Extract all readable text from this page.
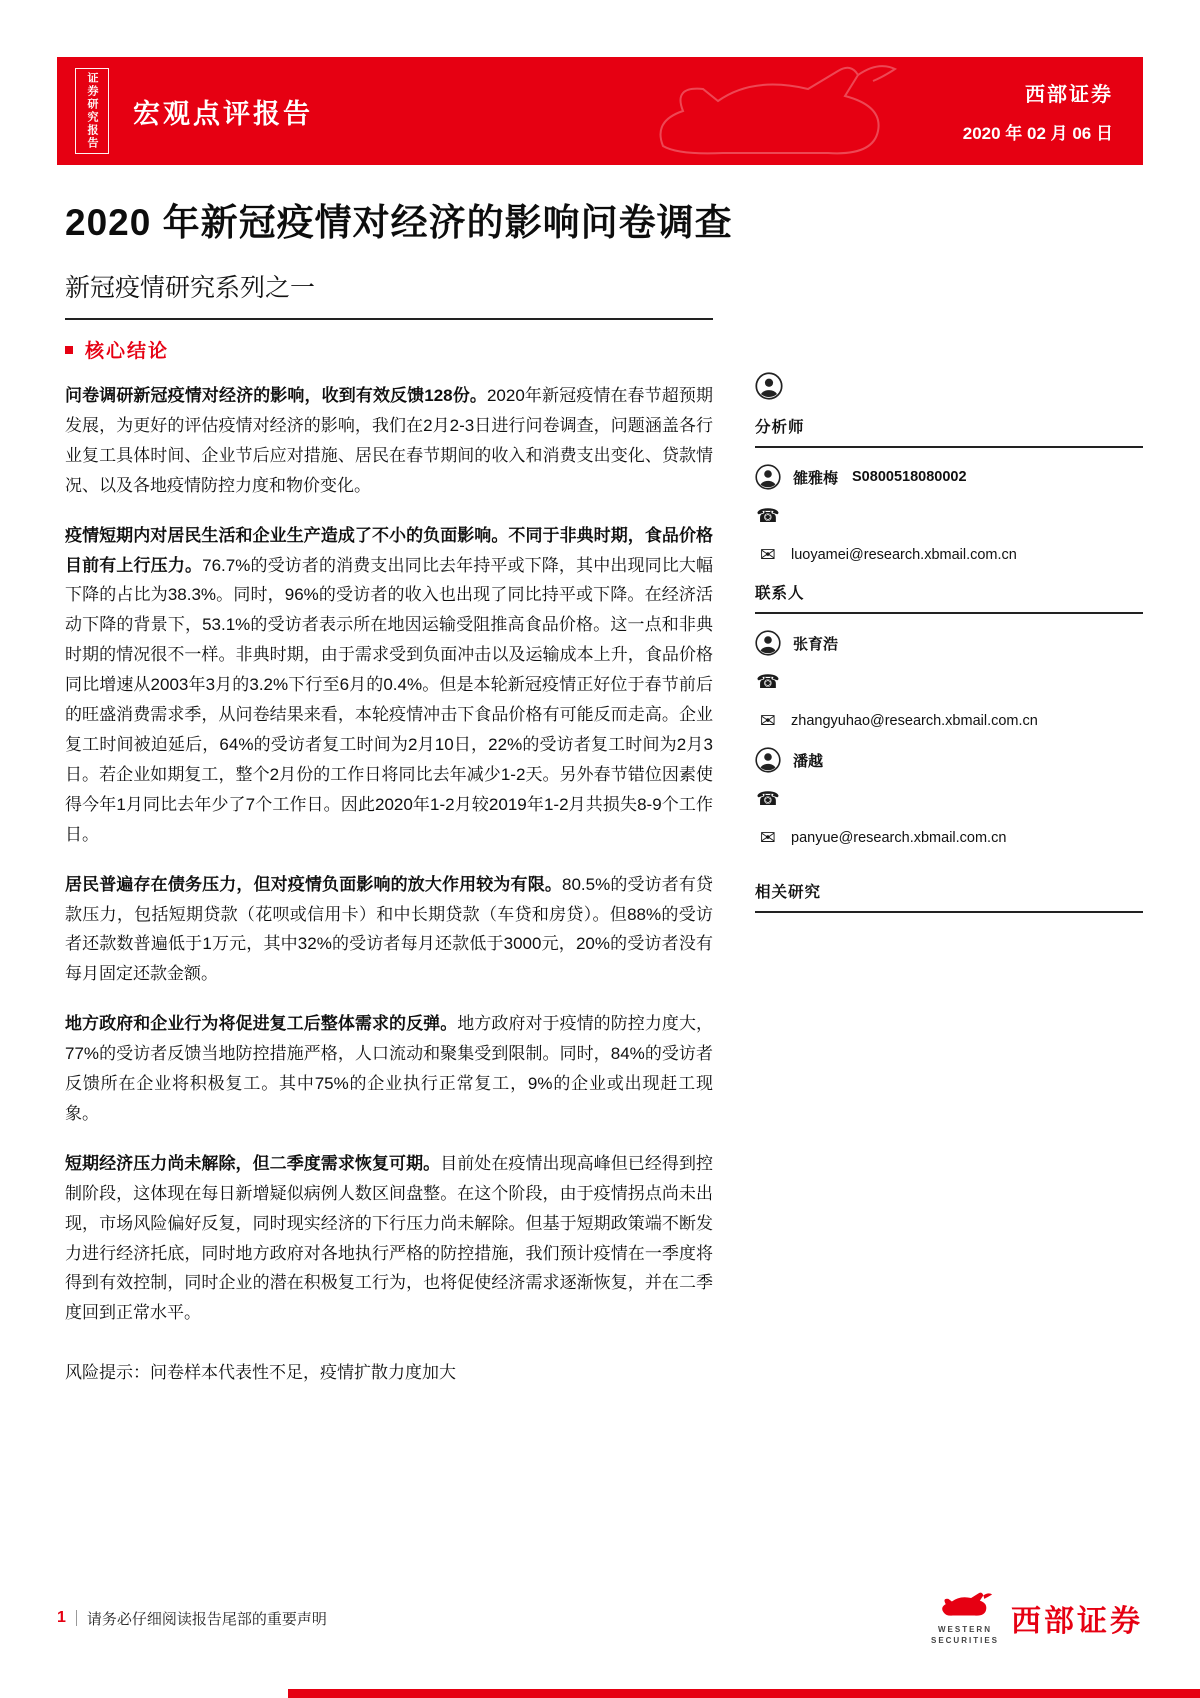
证券研究报告	宏观点评报告
西部证券
2020 年 02 月 06 日
2020 年新冠疫情对经济的影响问卷调查
新冠疫情研究系列之一
核心结论

问卷调研新冠疫情对经济的影响，收到有效反馈128份。2020年新冠疫情在春节超预期发展，为更好的评估疫情对经济的影响，我们在2月2-3日进行问卷调查，问题涵盖各行业复工具体时间、企业节后应对措施、居民在春节期间的收入和消费支出变化、贷款情况、以及各地疫情防控力度和物价变化。

疫情短期内对居民生活和企业生产造成了不小的负面影响。不同于非典时期，食品价格目前有上行压力。76.7%的受访者的消费支出同比去年持平或下降，其中出现同比大幅下降的占比为38.3%。同时，96%的受访者的收入也出现了同比持平或下降。在经济活动下降的背景下，53.1%的受访者表示所在地因运输受阻推高食品价格。这一点和非典时期的情况很不一样。非典时期，由于需求受到负面冲击以及运输成本上升，食品价格同比增速从2003年3月的3.2%下行至6月的0.4%。但是本轮新冠疫情正好位于春节前后的旺盛消费需求季，从问卷结果来看，本轮疫情冲击下食品价格有可能反而走高。企业复工时间被迫延后，64%的受访者复工时间为2月10日，22%的受访者复工时间为2月3日。若企业如期复工，整个2月份的工作日将同比去年减少1-2天。另外春节错位因素使得今年1月同比去年少了7个工作日。因此2020年1-2月较2019年1-2月共损失8-9个工作日。

居民普遍存在债务压力，但对疫情负面影响的放大作用较为有限。80.5%的受访者有贷款压力，包括短期贷款（花呗或信用卡）和中长期贷款（车贷和房贷）。但88%的受访者还款数普遍低于1万元，其中32%的受访者每月还款低于3000元，20%的受访者没有每月固定还款金额。

地方政府和企业行为将促进复工后整体需求的反弹。地方政府对于疫情的防控力度大，77%的受访者反馈当地防控措施严格，人口流动和聚集受到限制。同时，84%的受访者反馈所在企业将积极复工。其中75%的企业执行正常复工，9%的企业或出现赶工现象。

短期经济压力尚未解除，但二季度需求恢复可期。目前处在疫情出现高峰但已经得到控制阶段，这体现在每日新增疑似病例人数区间盘整。在这个阶段，由于疫情拐点尚未出现，市场风险偏好反复，同时现实经济的下行压力尚未解除。但基于短期政策端不断发力进行经济托底，同时地方政府对各地执行严格的防控措施，我们预计疫情在一季度将得到有效控制，同时企业的潜在积极复工行为，也将促使经济需求逐渐恢复，并在二季度回到正常水平。

风险提示：问卷样本代表性不足，疫情扩散力度加大
分析师
雒雅梅 S0800518080002
☎
✉	luoyamei@research.xbmail.com.cn
联系人
张育浩
☎
✉	zhangyuhao@research.xbmail.com.cn
潘越
☎
✉	panyue@research.xbmail.com.cn
相关研究
1 请务必仔细阅读报告尾部的重要声明
WESTERN
SECURITIES
西部证券
